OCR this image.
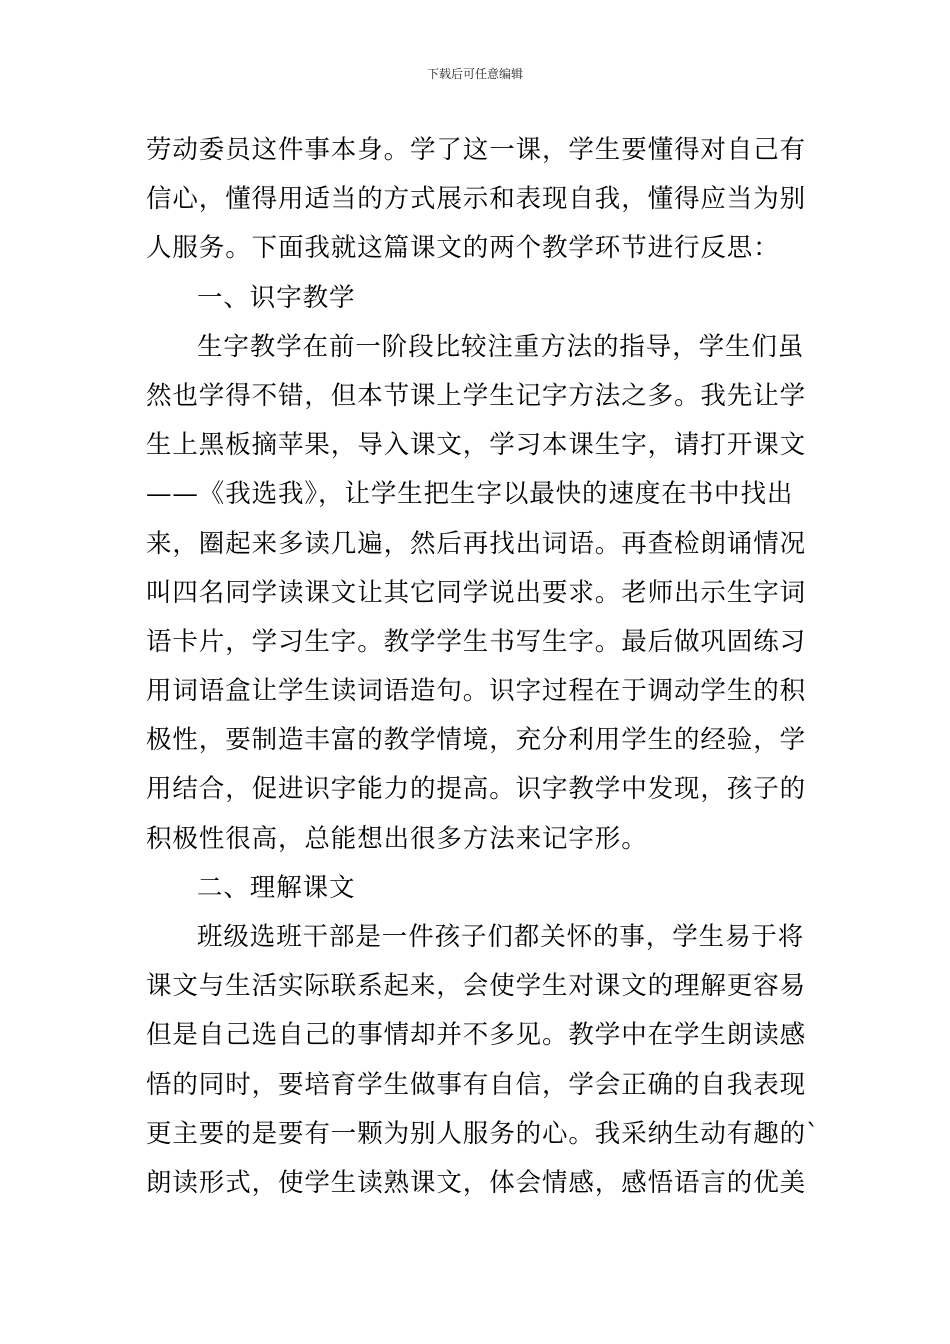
下载后可任意编辑
劳动委员这件事本身。学了这一课，学生要懂得对自己有
信心，懂得用适当的方式展示和表现自我，懂得应当为别
人服务。下面我就这篇课文的两个教学环节进行反思：
一、识字教学
生字教学在前一阶段比较注重方法的指导，学生们虽
然也学得不错，但本节课上学生记字方法之多。我先让学
生上黑板摘苹果，导入课文，学习本课生字，请打开课文
——《我选我》，让学生把生字以最快的速度在书中找出
来，圈起来多读几遍，然后再找出词语。再查检朗诵情况
叫四名同学读课文让其它同学说出要求。老师出示生字词
语卡片，学习生字。教学学生书写生字。最后做巩固练习
用词语盒让学生读词语造句。识字过程在于调动学生的积
极性，要制造丰富的教学情境，充分利用学生的经验，学
用结合，促进识字能力的提高。识字教学中发现，孩子的
积极性很高，总能想出很多方法来记字形。
二、理解课文
班级选班干部是一件孩子们都关怀的事，学生易于将
课文与生活实际联系起来，会使学生对课文的理解更容易
但是自己选自己的事情却并不多见。教学中在学生朗读感
悟的同时，要培育学生做事有自信，学会正确的自我表现
更主要的是要有一颗为别人服务的心。我采纳生动有趣的`
朗读形式，使学生读熟课文，体会情感，感悟语言的优美
